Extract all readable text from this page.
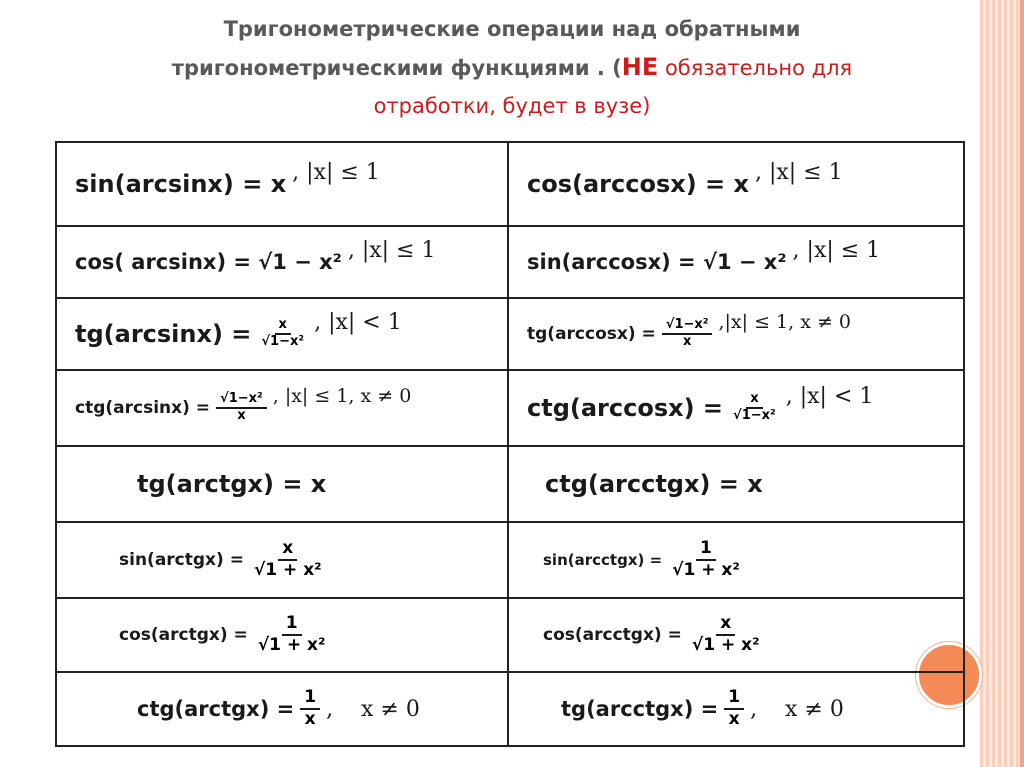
Тригонометрические операции над обратными
тригонометрическими функциями . (НЕ обязательно для
отработки, будет в вузе)
sin(arcsinx) = x , |x| ≤ 1	cos(arccosx) = x , |x| ≤ 1

cos( arcsinx) = √1 − x² , |x| ≤ 1	sin(arccosx) = √1 − x² , |x| ≤ 1

$tg(\arcsin x) = \frac{x}{\text{√1−x²}}$ , |x| < 1	$tg(\arccos x) = \frac{\text{√1−x²}}{x} ,|x| \le 1$, x ≠ 0

$ctg(\arcsin x) = \frac{\text{√1−x²}}{x}$ , |x| ≤ 1, x ≠ 0	$ctg(\arccos x) = \frac{x}{\text{√1−x²}}$ , |x| < 1

tg(arctgx) = x	ctg(arcctgx) = x

sin(arctgx) = $\frac{x}{\text{√1 + x²}}$	sin(arcctgx) = $\frac{1}{\text{√1 + x²}}$

cos(arctgx) = $\frac{1}{\text{√1 + x²}}$	cos(arcctgx) = $\frac{x}{\text{√1 + x²}}$

ctg(arctgx) = $\frac{1}{x}$ ,    x ≠ 0	tg(arcctgx) = $\frac{1}{x}$ ,    x ≠ 0
